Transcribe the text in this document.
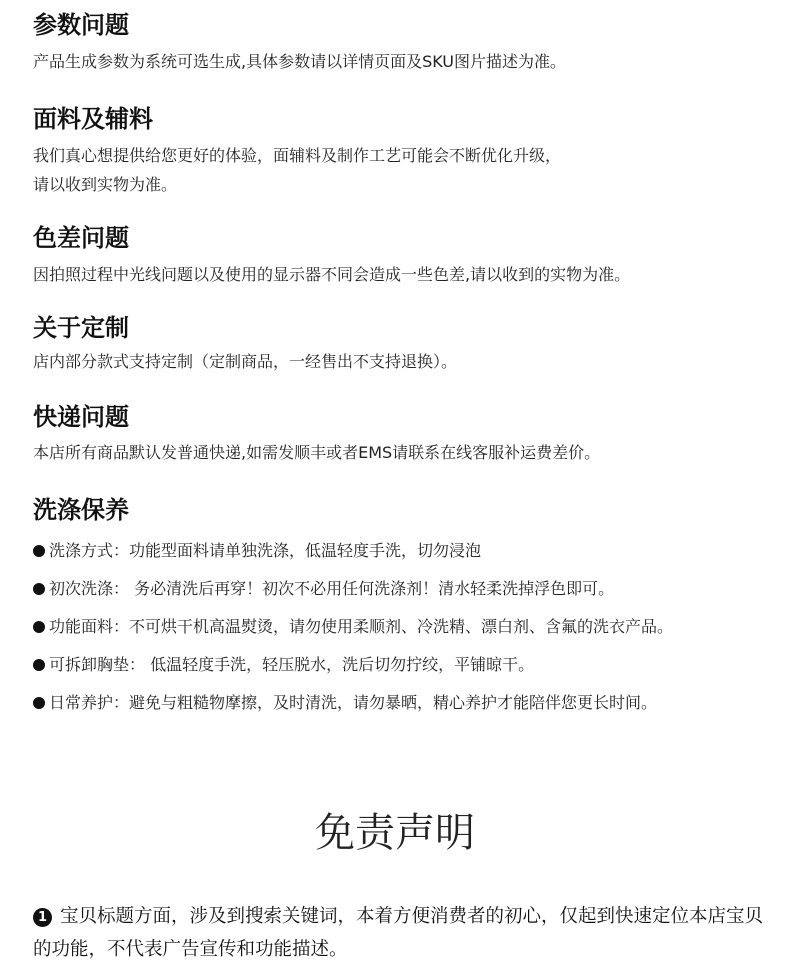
参数问题

产品生成参数为系统可选生成,具体参数请以详情页面及SKU图片描述为准。

面料及辅料

我们真心想提供给您更好的体验，面辅料及制作工艺可能会不断优化升级，

请以收到实物为准。

色差问题

因拍照过程中光线问题以及使用的显示器不同会造成一些色差,请以收到的实物为准。

关于定制

店内部分款式支持定制（定制商品，一经售出不支持退换）。

快递问题

本店所有商品默认发普通快递,如需发顺丰或者EMS请联系在线客服补运费差价。

洗涤保养

洗涤方式：功能型面料请单独洗涤，低温轻度手洗，切勿浸泡

初次洗涤： 务必清洗后再穿！初次不必用任何洗涤剂！清水轻柔洗掉浮色即可。

功能面料：不可烘干机高温熨烫，请勿使用柔顺剂、冷洗精、漂白剂、含氟的洗衣产品。

可拆卸胸垫： 低温轻度手洗，轻压脱水，洗后切勿拧绞，平铺晾干。

日常养护：避免与粗糙物摩擦，及时清洗，请勿暴晒，精心养护才能陪伴您更长时间。

免责声明

1 宝贝标题方面，涉及到搜索关键词，本着方便消费者的初心，仅起到快速定位本店宝贝的功能，不代表广告宣传和功能描述。
